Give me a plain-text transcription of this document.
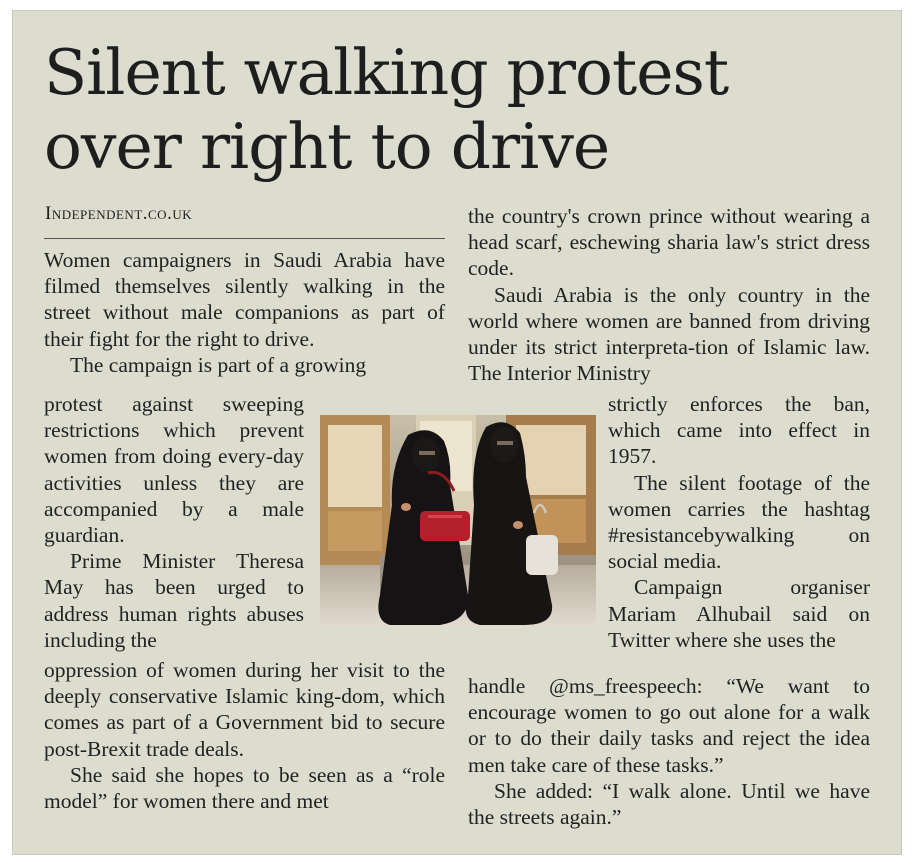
Silent walking protest
over right to drive
Independent.co.uk

Women campaigners in Saudi Arabia have filmed themselves silently walking in the street without male companions as part of their fight for the right to drive.

The campaign is part of a growing

protest against sweeping restrictions which prevent women from doing every-day activities unless they are accompanied by a male guardian.

Prime Minister Theresa May has been urged to address human rights abuses including the

oppression of women during her visit to the deeply conservative Islamic king-dom, which comes as part of a Government bid to secure post-Brexit trade deals.

She said she hopes to be seen as a “role model” for women there and met

the country's crown prince without wearing a head scarf, eschewing sharia law's strict dress code.

Saudi Arabia is the only country in the world where women are banned from driving under its strict interpreta-tion of Islamic law. The Interior Ministry

strictly enforces the ban, which came into effect in 1957.

The silent footage of the women carries the hashtag #resistancebywalking on social media.

Campaign organiser Mariam Alhubail said on Twitter where she uses the

handle @ms_freespeech: “We want to encourage women to go out alone for a walk or to do their daily tasks and reject the idea men take care of these tasks.”

She added: “I walk alone. Until we have the streets again.”
